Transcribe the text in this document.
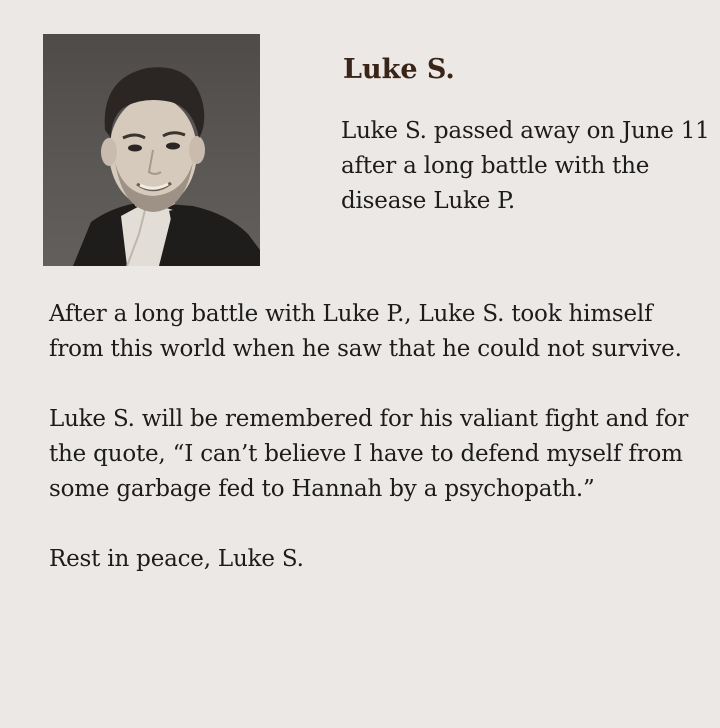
Luke S.

Luke S. passed away on June 11 after a long battle with the disease Luke P.

After a long battle with Luke P., Luke S. took himself from this world when he saw that he could not survive.

Luke S. will be remembered for his valiant fight and for the quote, “I can’t believe I have to defend myself from some garbage fed to Hannah by a psychopath.”

Rest in peace, Luke S.
